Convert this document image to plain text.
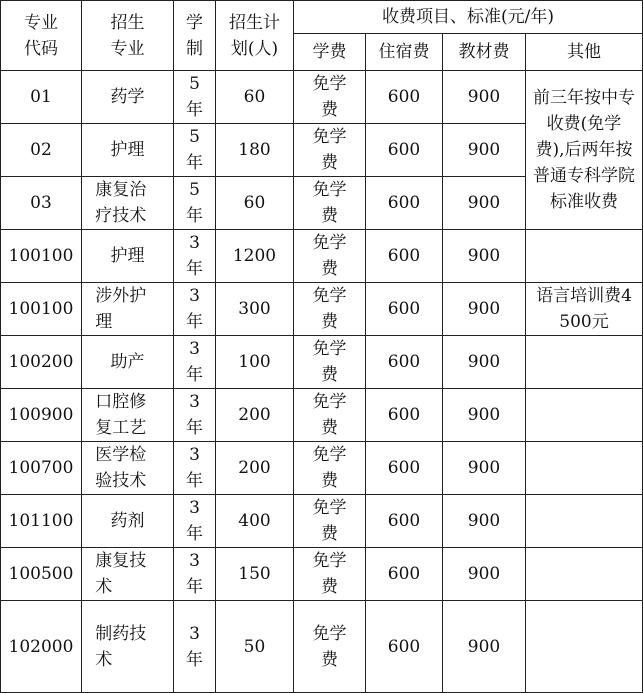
专业代码	招生专业	学制	招生计划(人)	收费项目、标准(元/年)			
				学费	住宿费	教材费	其他
01	药学	5年	60	免学费	600	900	前三年按中专收费(免学费),后两年按普通专科学院标准收费
02	护理	5年	180	免学费	600	900	
03	康复治疗技术	5年	60	免学费	600	900	
100100	护理	3年	1200	免学费	600	900	
100100	涉外护理	3年	300	免学费	600	900	语言培训费4500元
100200	助产	3年	100	免学费	600	900	
100900	口腔修复工艺	3年	200	免学费	600	900	
100700	医学检验技术	3年	200	免学费	600	900	
101100	药剂	3年	400	免学费	600	900	
100500	康复技术	3年	150	免学费	600	900	
102000	制药技术	3年	50	免学费	600	900	
